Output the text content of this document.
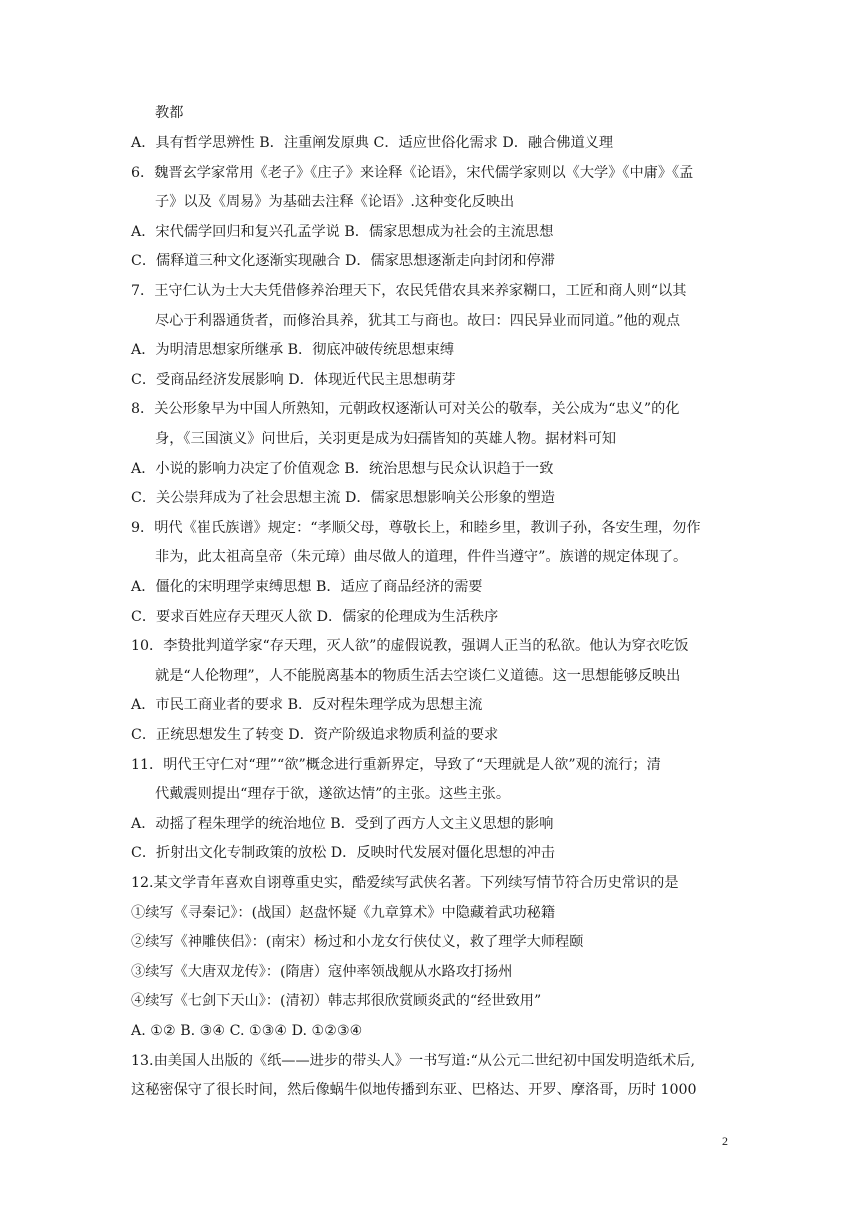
教都
A．具有哲学思辨性 B．注重阐发原典 C．适应世俗化需求 D．融合佛道义理
6．魏晋玄学家常用《老子》《庄子》来诠释《论语》，宋代儒学家则以《大学》《中庸》《孟
子》以及《周易》为基础去注释《论语》.这种变化反映出
A．宋代儒学回归和复兴孔孟学说 B．儒家思想成为社会的主流思想
C．儒释道三种文化逐渐实现融合 D．儒家思想逐渐走向封闭和停滞
7．王守仁认为士大夫凭借修养治理天下，农民凭借农具来养家糊口，工匠和商人则“以其
尽心于利器通货者，而修治具养，犹其工与商也。故曰：四民异业而同道。”他的观点
A．为明清思想家所继承 B．彻底冲破传统思想束缚
C．受商品经济发展影响 D．体现近代民主思想萌芽
8．关公形象早为中国人所熟知，元朝政权逐渐认可对关公的敬奉，关公成为“忠义”的化
身，《三国演义》问世后，关羽更是成为妇孺皆知的英雄人物。据材料可知
A．小说的影响力决定了价值观念 B．统治思想与民众认识趋于一致
C．关公崇拜成为了社会思想主流 D．儒家思想影响关公形象的塑造
9．明代《崔氏族谱》规定：“孝顺父母，尊敬长上，和睦乡里，教训子孙，各安生理，勿作
非为，此太祖高皇帝（朱元璋）曲尽做人的道理，件件当遵守”。族谱的规定体现了。
A．僵化的宋明理学束缚思想 B．适应了商品经济的需要
C．要求百姓应存天理灭人欲 D．儒家的伦理成为生活秩序
10．李贽批判道学家“存天理，灭人欲”的虚假说教，强调人正当的私欲。他认为穿衣吃饭
就是“人伦物理”，人不能脱离基本的物质生活去空谈仁义道德。这一思想能够反映出
A．市民工商业者的要求 B．反对程朱理学成为思想主流
C．正统思想发生了转变 D．资产阶级追求物质利益的要求
11．明代王守仁对“理”“欲”概念进行重新界定，导致了“天理就是人欲”观的流行；清
代戴震则提出“理存于欲，遂欲达情”的主张。这些主张。
A．动摇了程朱理学的统治地位 B．受到了西方人文主义思想的影响
C．折射出文化专制政策的放松 D．反映时代发展对僵化思想的冲击
12.某文学青年喜欢自诩尊重史实，酷爱续写武侠名著。下列续写情节符合历史常识的是
①续写《寻秦记》：(战国）赵盘怀疑《九章算术》中隐藏着武功秘籍
②续写《神雕侠侣》：(南宋）杨过和小龙女行侠仗义，救了理学大师程颐
③续写《大唐双龙传》：(隋唐）寇仲率领战舰从水路攻打扬州
④续写《七剑下天山》：(清初）韩志邦很欣赏顾炎武的“经世致用”
A. ①② B. ③④ C. ①③④ D. ①②③④
13.由美国人出版的《纸——进步的带头人》一书写道:“从公元二世纪初中国发明造纸术后,
这秘密保守了很长时间，然后像蜗牛似地传播到东亚、巴格达、开罗、摩洛哥，历时 1000
2
